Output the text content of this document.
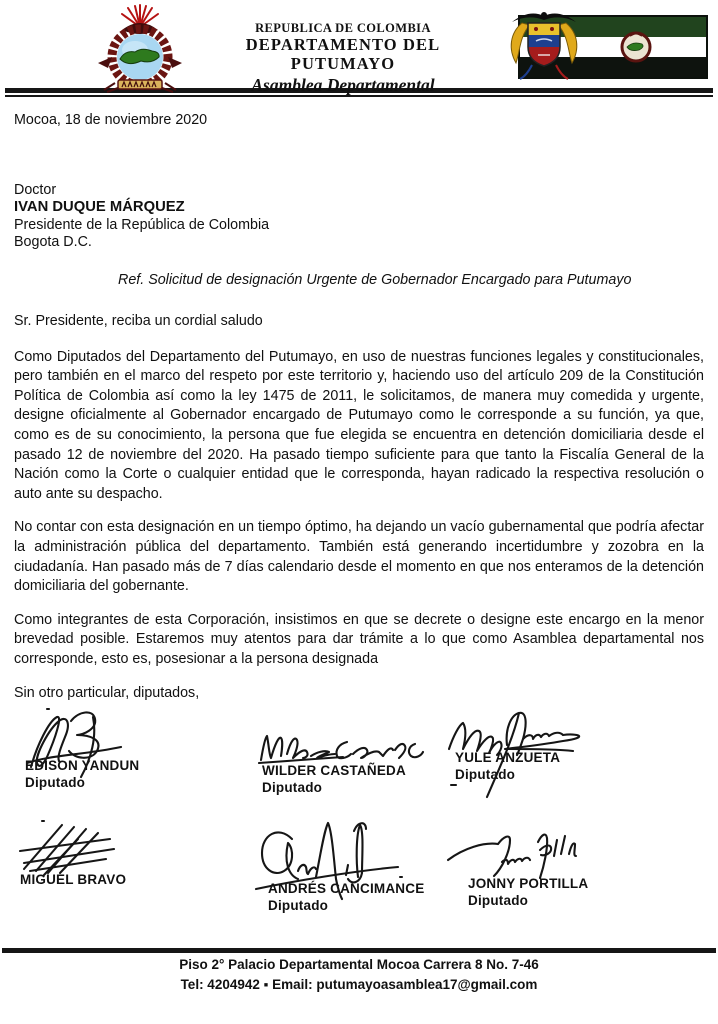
REPUBLICA DE COLOMBIA
DEPARTAMENTO DEL PUTUMAYO
Asamblea Departamental
Mocoa, 18 de noviembre 2020
Doctor
IVAN DUQUE MÁRQUEZ
Presidente de la República de Colombia
Bogota D.C.
Ref. Solicitud de designación Urgente de Gobernador Encargado para Putumayo
Sr. Presidente, reciba un cordial saludo

Como Diputados del Departamento del Putumayo, en uso de nuestras funciones legales y constitucionales, pero también en el marco del respeto por este territorio y, haciendo uso del artículo 209 de la Constitución Política de Colombia así como la ley 1475 de 2011, le solicitamos, de manera muy comedida y urgente, designe oficialmente al Gobernador encargado de Putumayo como le corresponde a su función, ya que, como es de su conocimiento, la persona que fue elegida se encuentra en detención domiciliaria desde el pasado 12 de noviembre del 2020. Ha pasado tiempo suficiente para que tanto la Fiscalía General de la Nación como la Corte o cualquier entidad que le corresponda, hayan radicado la respectiva resolución o auto ante su despacho.

No contar con esta designación en un tiempo óptimo, ha dejando un vacío gubernamental que podría afectar la administración pública del departamento. También está generando incertidumbre y zozobra en la ciudadanía. Han pasado más de 7 días calendario desde el momento en que nos enteramos de la detención domiciliaria del gobernante.

Como integrantes de esta Corporación, insistimos en que se decrete o designe este encargo en la menor brevedad posible. Estaremos muy atentos para dar trámite a lo que como Asamblea departamental nos corresponde, esto es, posesionar a la persona designada

Sin otro particular, diputados,
EDISON YANDUN
Diputado
WILDER CASTAÑEDA
Diputado
YULE ANZUETA
Diputado
MIGUEL BRAVO
ANDRÉS CANCIMANCE
Diputado
JONNY PORTILLA
Diputado
Piso 2° Palacio Departamental Mocoa Carrera 8 No. 7-46
Tel: 4204942 ▪ Email: putumayoasamblea17@gmail.com
